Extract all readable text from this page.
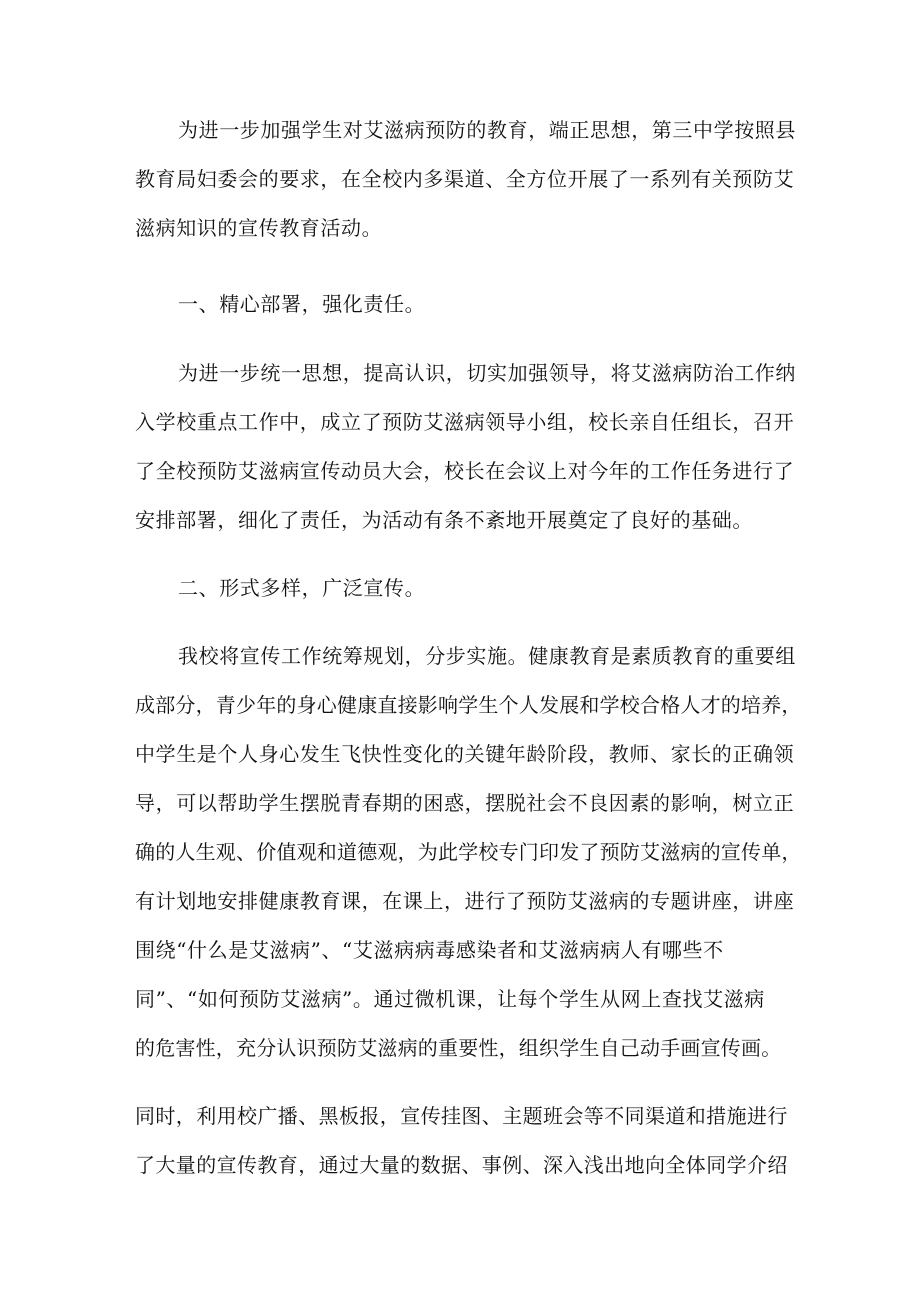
为进一步加强学生对艾滋病预防的教育，端正思想，第三中学按照县
教育局妇委会的要求，在全校内多渠道、全方位开展了一系列有关预防艾
滋病知识的宣传教育活动。
一、精心部署，强化责任。
为进一步统一思想，提高认识，切实加强领导，将艾滋病防治工作纳
入学校重点工作中，成立了预防艾滋病领导小组，校长亲自任组长，召开
了全校预防艾滋病宣传动员大会，校长在会议上对今年的工作任务进行了
安排部署，细化了责任，为活动有条不紊地开展奠定了良好的基础。
二、形式多样，广泛宣传。
我校将宣传工作统筹规划，分步实施。健康教育是素质教育的重要组
成部分，青少年的身心健康直接影响学生个人发展和学校合格人才的培养，
中学生是个人身心发生飞快性变化的关键年龄阶段，教师、家长的正确领
导，可以帮助学生摆脱青春期的困惑，摆脱社会不良因素的影响，树立正
确的人生观、价值观和道德观，为此学校专门印发了预防艾滋病的宣传单，
有计划地安排健康教育课，在课上，进行了预防艾滋病的专题讲座，讲座
围绕“什么是艾滋病”、“艾滋病病毒感染者和艾滋病病人有哪些不
同”、“如何预防艾滋病”。通过微机课，让每个学生从网上查找艾滋病
的危害性，充分认识预防艾滋病的重要性，组织学生自己动手画宣传画。
同时，利用校广播、黑板报，宣传挂图、主题班会等不同渠道和措施进行
了大量的宣传教育，通过大量的数据、事例、深入浅出地向全体同学介绍
